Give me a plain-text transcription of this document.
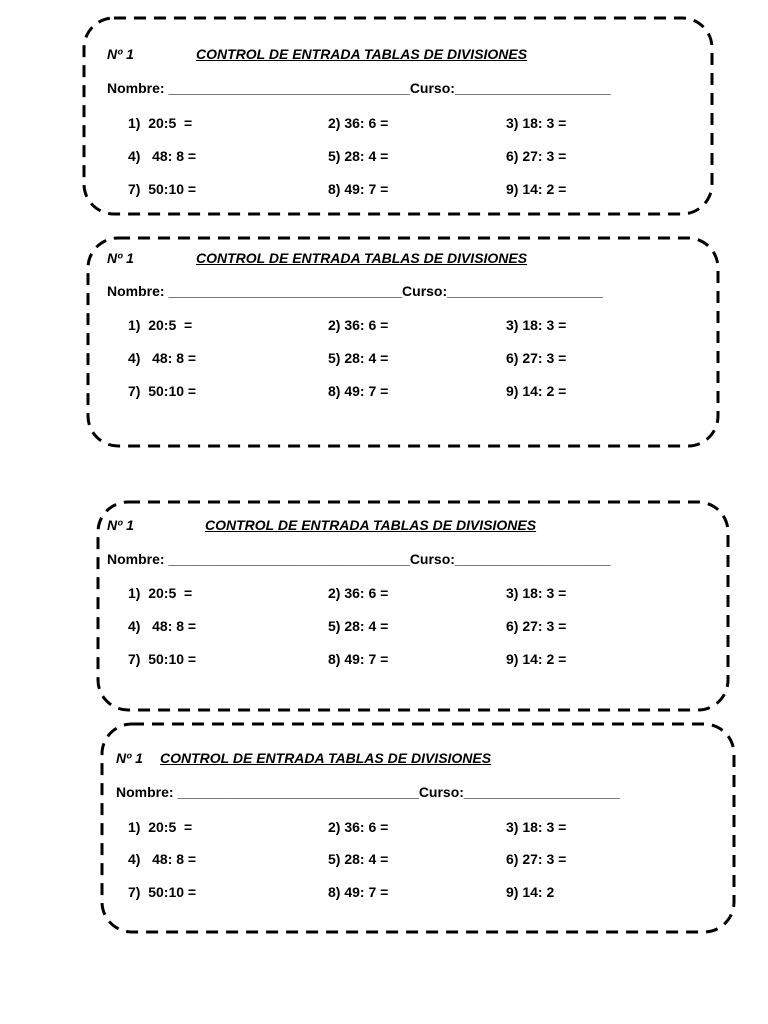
Nº 1	CONTROL DE ENTRADA TABLAS DE DIVISIONES
Nombre: _______________________________Curso:____________________
1)  20:5  =	2) 36: 6 =	3) 18: 3 =
4)   48: 8 =	5) 28: 4 =	6) 27: 3 =
7)  50:10 =	8) 49: 7 =	9) 14: 2 =
Nº 1	CONTROL DE ENTRADA TABLAS DE DIVISIONES
Nombre: ______________________________Curso:____________________
1)  20:5  =	2) 36: 6 =	3) 18: 3 =
4)   48: 8 =	5) 28: 4 =	6) 27: 3 =
7)  50:10 =	8) 49: 7 =	9) 14: 2 =
Nº 1	CONTROL DE ENTRADA TABLAS DE DIVISIONES
Nombre: _______________________________Curso:____________________
1)  20:5  =	2) 36: 6 =	3) 18: 3 =
4)   48: 8 =	5) 28: 4 =	6) 27: 3 =
7)  50:10 =	8) 49: 7 =	9) 14: 2 =
Nº 1 CONTROL DE ENTRADA TABLAS DE DIVISIONES
Nombre: _______________________________Curso:____________________
1)  20:5  =	2) 36: 6 =	3) 18: 3 =
4)   48: 8 =	5) 28: 4 =	6) 27: 3 =
7)  50:10 =	8) 49: 7 =	9) 14: 2
